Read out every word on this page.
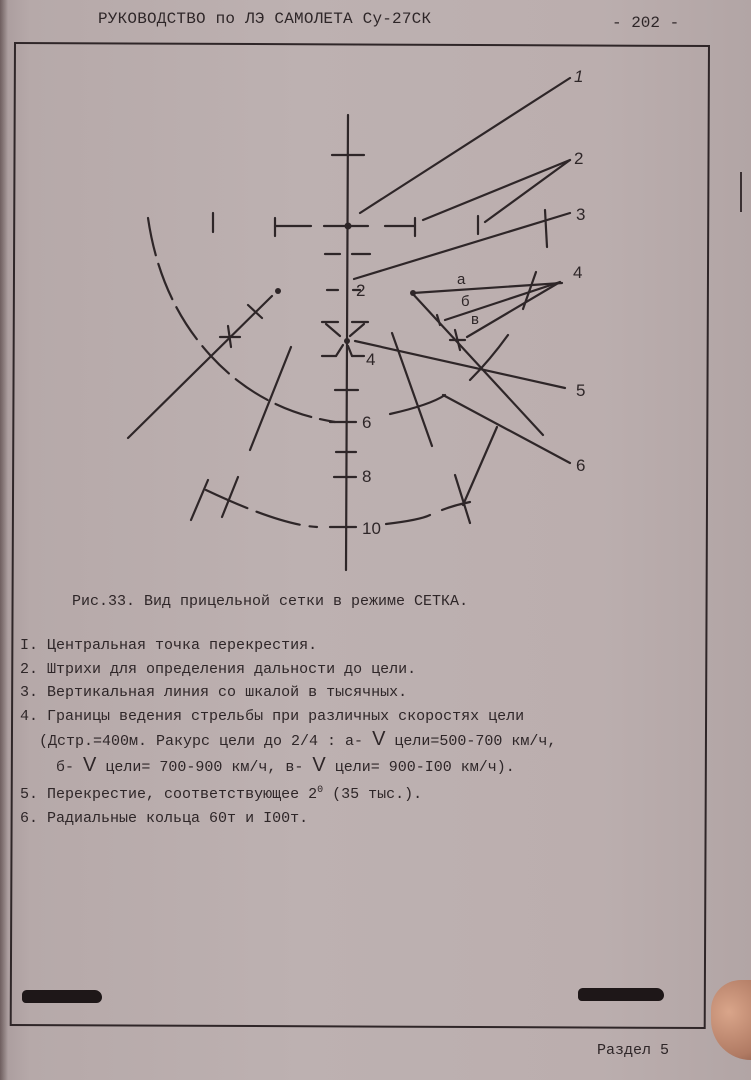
РУКОВОДСТВО по ЛЭ САМОЛЕТА Су-27СК	- 202 -
1
2
3
4
5
6
а
б
в
2
4
6
8
10
Рис.33. Вид прицельной сетки в режиме СЕТКА.
I. Центральная точка перекрестия.
2. Штрихи для определения дальности до цели.
3. Вертикальная линия со шкалой в тысячных.
4. Границы ведения стрельбы при различных скоростях цели
(Дстр.=400м. Ракурс цели до 2/4 : а- V цели=500-700 км/ч,
б- V цели= 700-900 км/ч, в- V цели= 900-I00 км/ч).
5. Перекрестие, соответствующее $2^0$ (35 тыс.).
6. Радиальные кольца 60т и I00т.
Раздел 5
